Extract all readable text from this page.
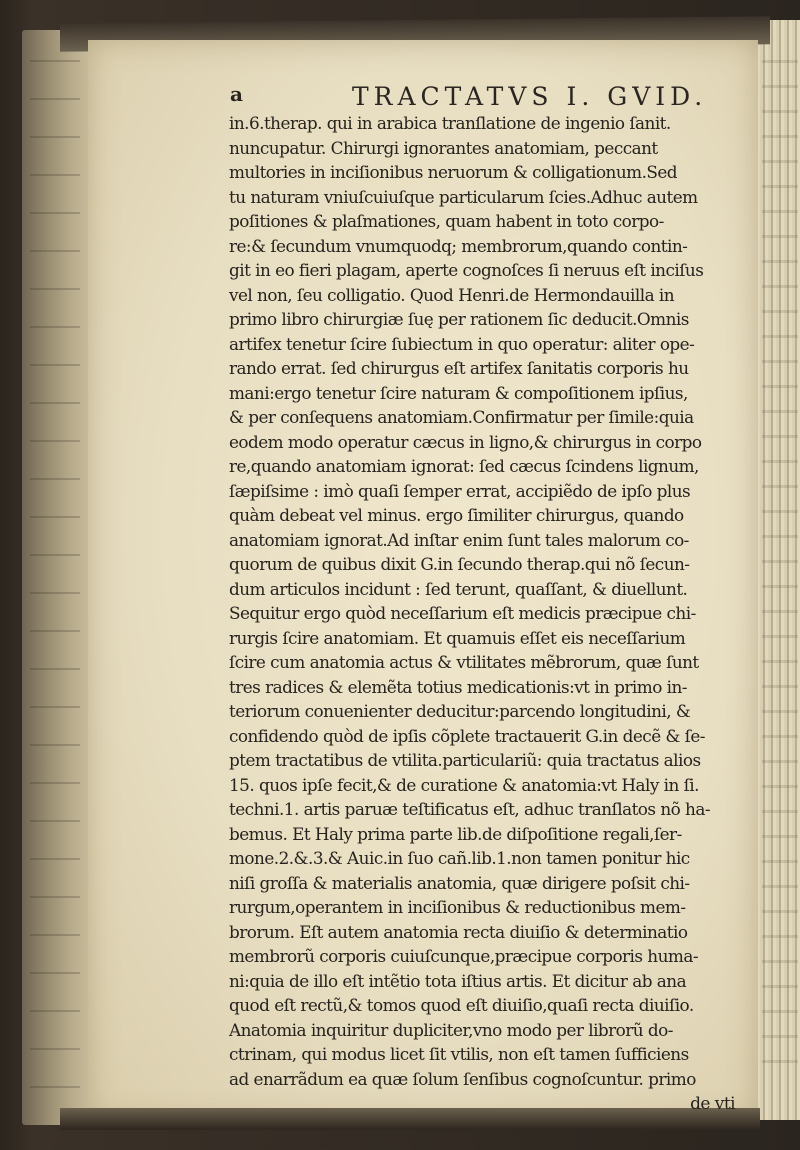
a	TRACTATVS I. GVID.
in.6.therap. qui in arabica tranſlatione de ingenio ſanit.
nuncupatur. Chirurgi ignorantes anatomiam, peccant
multories in inciſionibus neruorum & colligationum.Sed
tu naturam vniuſcuiuſque particularum ſcies.Adhuc autem
poſitiones & plaſmationes, quam habent in toto corpo-
re:& ſecundum vnumquodq; membrorum,quando contin-
git in eo fieri plagam, aperte cognoſces ſi neruus eſt inciſus
vel non, ſeu colligatio. Quod Henri.de Hermondauilla in
primo libro chirurgiæ ſuę per rationem ſic deducit.Omnis
artifex tenetur ſcire ſubiectum in quo operatur: aliter ope-
rando errat. ſed chirurgus eſt artifex ſanitatis corporis hu
mani:ergo tenetur ſcire naturam & compoſitionem ipſius,
& per conſequens anatomiam.Confirmatur per ſimile:quia
eodem modo operatur cæcus in ligno,& chirurgus in corpo
re,quando anatomiam ignorat: ſed cæcus ſcindens lignum,
ſæpiſsime : imò quaſi ſemper errat, accipiẽdo de ipſo plus
quàm debeat vel minus. ergo ſimiliter chirurgus, quando
anatomiam ignorat.Ad inſtar enim ſunt tales malorum co-
quorum de quibus dixit G.in ſecundo therap.qui nõ ſecun-
dum articulos incidunt : ſed terunt, quaſſant, & diuellunt.
Sequitur ergo quòd neceſſarium eſt medicis præcipue chi-
rurgis ſcire anatomiam. Et quamuis eſſet eis neceſſarium
ſcire cum anatomia actus & vtilitates mẽbrorum, quæ ſunt
tres radices & elemẽta totius medicationis:vt in primo in-
teriorum conuenienter deducitur:parcendo longitudini, &
confidendo quòd de ipſis cõplete tractauerit G.in decẽ & ſe-
ptem tractatibus de vtilita.particulariũ: quia tractatus alios
15. quos ipſe fecit,& de curatione & anatomia:vt Haly in ſi.
techni.1. artis paruæ teſtificatus eſt, adhuc tranſlatos nõ ha-
bemus. Et Haly prima parte lib.de diſpoſitione regali,ſer-
mone.2.&.3.& Auic.in ſuo cañ.lib.1.non tamen ponitur hic
niſi groſſa & materialis anatomia, quæ dirigere poſsit chi-
rurgum,operantem in inciſionibus & reductionibus mem-
brorum. Eſt autem anatomia recta diuiſio & determinatio
membrorũ corporis cuiuſcunque,præcipue corporis huma-
ni:quia de illo eſt intẽtio tota iſtius artis. Et dicitur ab ana
quod eſt rectũ,& tomos quod eſt diuiſio,quaſi recta diuiſio.
Anatomia inquiritur dupliciter,vno modo per librorũ do-
ctrinam, qui modus licet ſit vtilis, non eſt tamen ſufficiens
ad enarrãdum ea quæ ſolum ſenſibus cognoſcuntur. primo
de vti
